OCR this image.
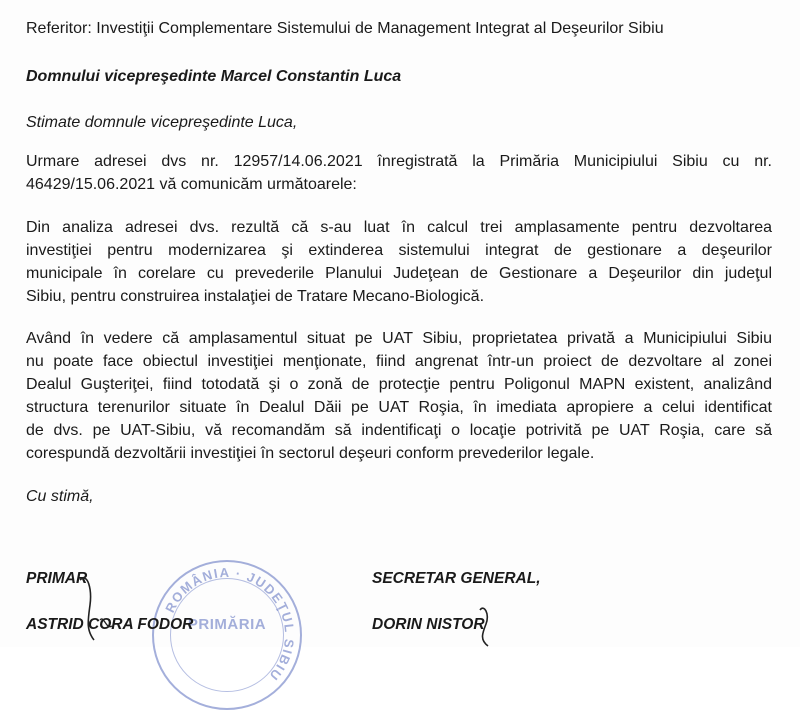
Referitor: Investiţii Complementare Sistemului de Management Integrat al Deşeurilor Sibiu
Domnului vicepreşedinte Marcel Constantin Luca
Stimate domnule vicepreşedinte Luca,
Urmare adresei dvs nr. 12957/14.06.2021 înregistrată la Primăria Municipiului Sibiu cu nr.
46429/15.06.2021 vă comunicăm următoarele:
Din analiza adresei dvs. rezultă că s-au luat în calcul trei amplasamente pentru dezvoltarea
investiţiei pentru modernizarea şi extinderea sistemului integrat de gestionare a deşeurilor
municipale în corelare cu prevederile Planului Judeţean de Gestionare a Deşeurilor din judeţul
Sibiu, pentru construirea instalaţiei de Tratare Mecano-Biologică.
Având în vedere că amplasamentul situat pe UAT Sibiu, proprietatea privată a Municipiului Sibiu
nu poate face obiectul investiţiei menţionate, fiind angrenat într-un proiect de dezvoltare al zonei
Dealul Guşteriţei, fiind totodată şi o zonă de protecţie pentru Poligonul MAPN existent, analizând
structura terenurilor situate în Dealul Dăii pe UAT Roşia, în imediata apropiere a celui identificat
de dvs. pe UAT-Sibiu, vă recomandăm să indentificaţi o locaţie potrivită pe UAT Roşia, care să
corespundă dezvoltării investiţiei în sectorul deşeuri conform prevederilor legale.
Cu stimă,
ROMÂNIA · JUDEŢUL SIBIU
PRIMĂRIA
PRIMAR
ASTRID CORA FODOR
SECRETAR GENERAL,
DORIN NISTOR
